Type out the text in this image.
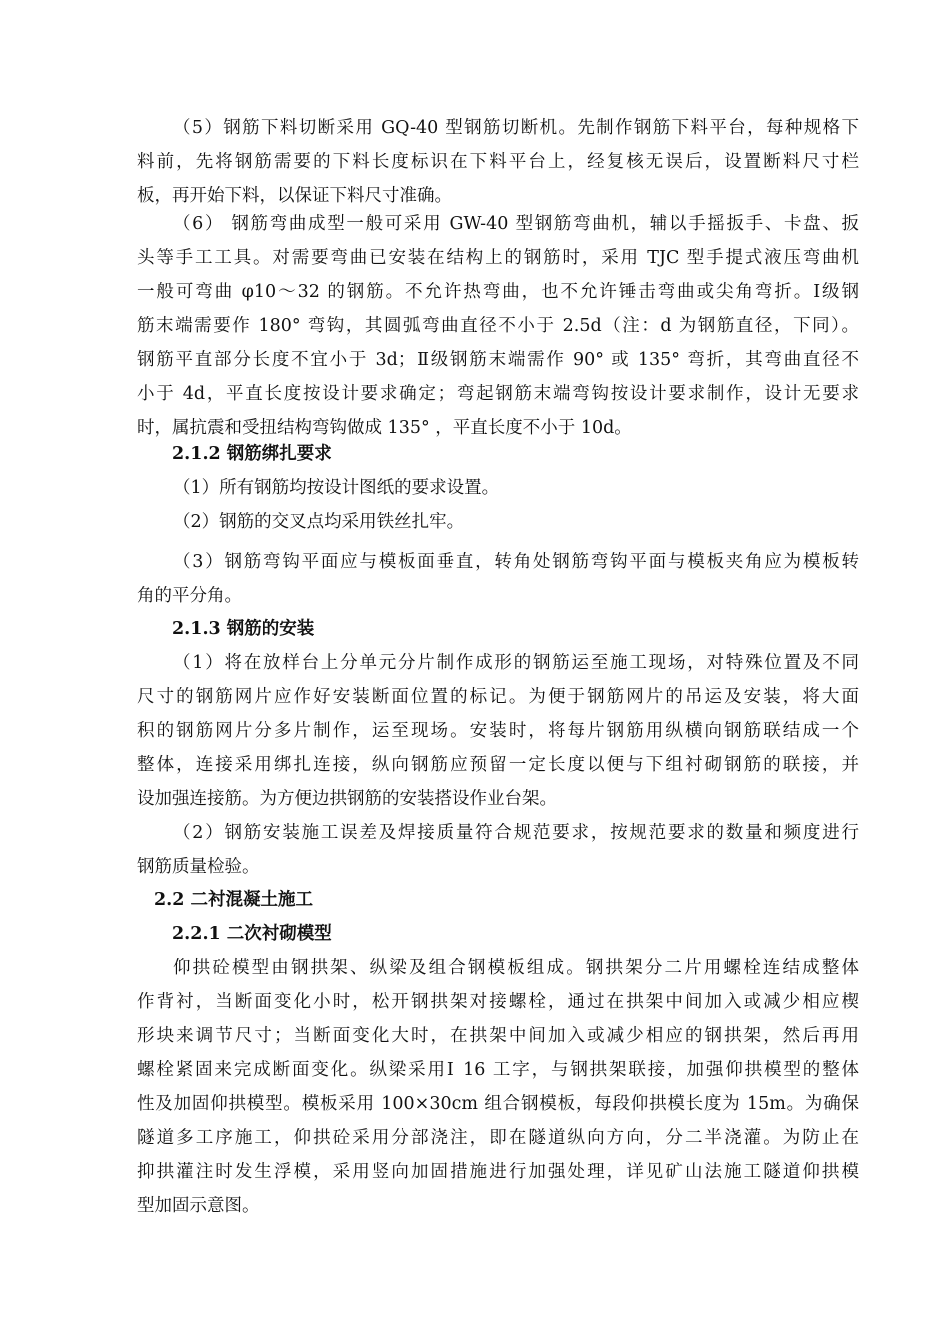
（5）钢筋下料切断采用 GQ-40 型钢筋切断机。先制作钢筋下料平台，每种规格下
料前，先将钢筋需要的下料长度标识在下料平台上，经复核无误后，设置断料尺寸栏
板，再开始下料，以保证下料尺寸准确。
（6） 钢筋弯曲成型一般可采用 GW-40 型钢筋弯曲机，辅以手摇扳手、卡盘、扳
头等手工工具。对需要弯曲已安装在结构上的钢筋时，采用 TJC 型手提式液压弯曲机
一般可弯曲 φ10～32 的钢筋。不允许热弯曲，也不允许锤击弯曲或尖角弯折。Ⅰ级钢
筋末端需要作 180° 弯钩，其圆弧弯曲直径不小于 2.5d（注：d 为钢筋直径，下同）。
钢筋平直部分长度不宜小于 3d；Ⅱ级钢筋末端需作 90° 或 135° 弯折，其弯曲直径不
小于 4d，平直长度按设计要求确定；弯起钢筋末端弯钩按设计要求制作，设计无要求
时，属抗震和受扭结构弯钩做成 135° ，平直长度不小于 10d。
2.1.2 钢筋绑扎要求
（1）所有钢筋均按设计图纸的要求设置。
（2）钢筋的交叉点均采用铁丝扎牢。
（3）钢筋弯钩平面应与模板面垂直，转角处钢筋弯钩平面与模板夹角应为模板转
角的平分角。
2.1.3 钢筋的安装
（1）将在放样台上分单元分片制作成形的钢筋运至施工现场，对特殊位置及不同
尺寸的钢筋网片应作好安装断面位置的标记。为便于钢筋网片的吊运及安装，将大面
积的钢筋网片分多片制作，运至现场。安装时，将每片钢筋用纵横向钢筋联结成一个
整体，连接采用绑扎连接，纵向钢筋应预留一定长度以便与下组衬砌钢筋的联接，并
设加强连接筋。为方便边拱钢筋的安装搭设作业台架。
（2）钢筋安装施工误差及焊接质量符合规范要求，按规范要求的数量和频度进行
钢筋质量检验。
2.2 二衬混凝土施工
2.2.1 二次衬砌模型
仰拱砼模型由钢拱架、纵梁及组合钢模板组成。钢拱架分二片用螺栓连结成整体
作背衬，当断面变化小时，松开钢拱架对接螺栓，通过在拱架中间加入或减少相应楔
形块来调节尺寸；当断面变化大时，在拱架中间加入或减少相应的钢拱架，然后再用
螺栓紧固来完成断面变化。纵梁采用Ⅰ 16 工字，与钢拱架联接，加强仰拱模型的整体
性及加固仰拱模型。模板采用 100×30cm 组合钢模板，每段仰拱模长度为 15m。为确保
隧道多工序施工，仰拱砼采用分部浇注，即在隧道纵向方向，分二半浇灌。为防止在
抑拱灌注时发生浮模，采用竖向加固措施进行加强处理，详见矿山法施工隧道仰拱模
型加固示意图。
